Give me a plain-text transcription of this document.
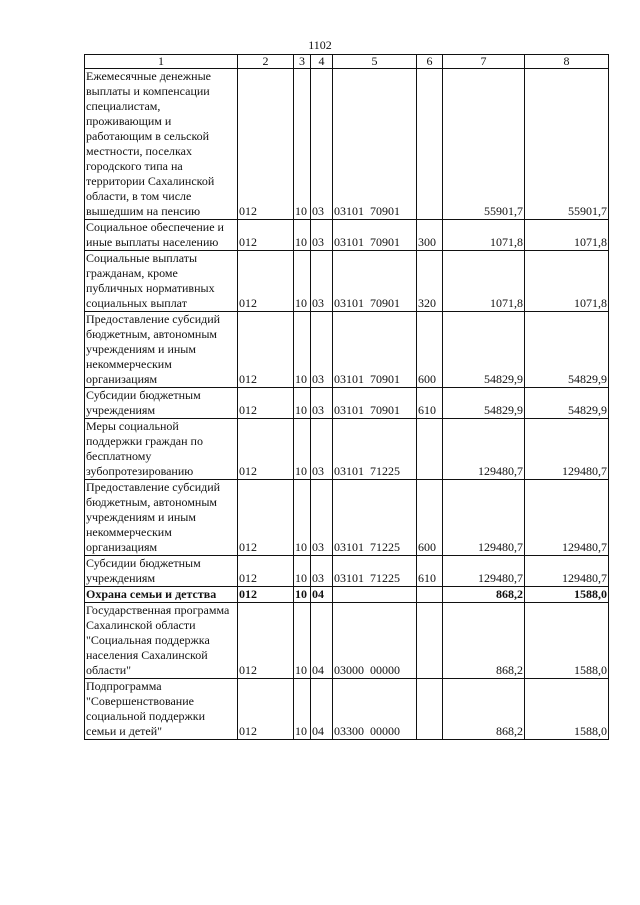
1102
1	2	3	4	5	6	7	8
Ежемесячные денежные выплаты и компенсации специалистам, проживающим и работающим в сельской местности, поселках городского типа на территории Сахалинской области, в том числе вышедшим на пенсию	012	10	03	03101 70901		55901,7	55901,7
Социальное обеспечение и иные выплаты населению	012	10	03	03101 70901	300	1071,8	1071,8
Социальные выплаты гражданам, кроме публичных нормативных социальных выплат	012	10	03	03101 70901	320	1071,8	1071,8
Предоставление субсидий бюджетным, автономным учреждениям и иным некоммерческим организациям	012	10	03	03101 70901	600	54829,9	54829,9
Субсидии бюджетным учреждениям	012	10	03	03101 70901	610	54829,9	54829,9
Меры социальной поддержки граждан по бесплатному зубопротезированию	012	10	03	03101 71225		129480,7	129480,7
Предоставление субсидий бюджетным, автономным учреждениям и иным некоммерческим организациям	012	10	03	03101 71225	600	129480,7	129480,7
Субсидии бюджетным учреждениям	012	10	03	03101 71225	610	129480,7	129480,7
Охрана семьи и детства	012	10	04			868,2	1588,0
Государственная программа Сахалинской области "Социальная поддержка населения Сахалинской области"	012	10	04	03000 00000		868,2	1588,0
Подпрограмма "Совершенствование социальной поддержки семьи и детей"	012	10	04	03300 00000		868,2	1588,0
